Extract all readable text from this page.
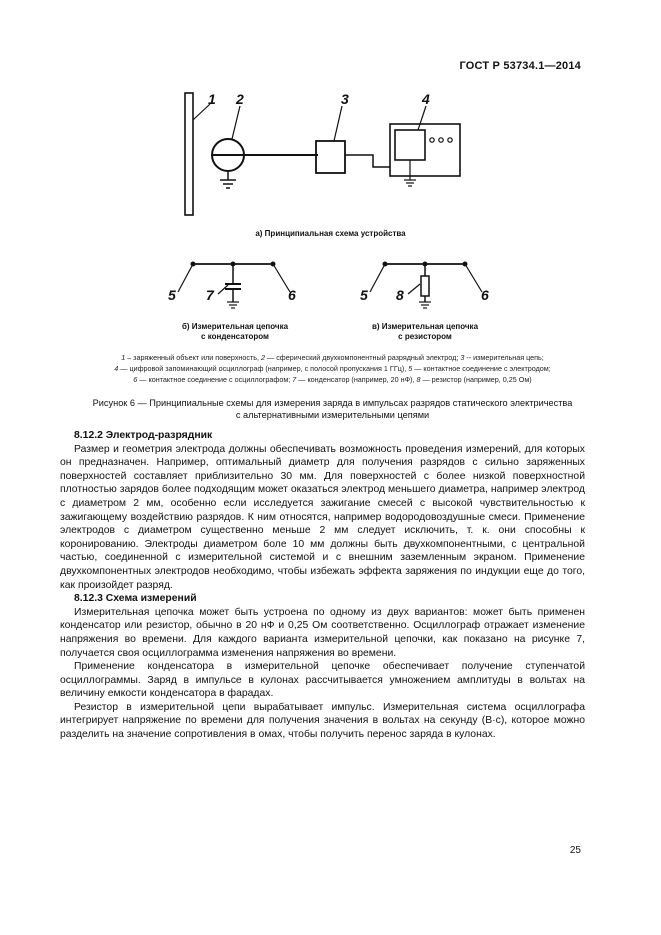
ГОСТ Р 53734.1—2014
1 2	3	4
5 7	6	5 8	6
а) Принципиальная схема устройства
б) Измерительная цепочка
с конденсатором
в) Измерительная цепочка
с резистором
1 – заряженный объект или поверхность, 2 — сферический двухкомпонентный разрядный электрод; 3 -- измерительная цепь;
4 — цифровой запоминающий осциллограф (например, с полосой пропускания 1 ГГц), 5 — контактное соединение с электродом;
6 — контактное соединение с осциллографом; 7 — конденсатор (например, 20 нФ), 8 — резистор (например, 0,25 Ом)
Рисунок 6 — Принципиальные схемы для измерения заряда в импульсах разрядов статического электричества
с альтернативными измерительными цепями
8.12.2 Электрод-разрядник

Размер и геометрия электрода должны обеспечивать возможность проведения измерений, для которых он предназначен. Например, оптимальный диаметр для получения разрядов с сильно заряженных поверхностей составляет приблизительно 30 мм. Для поверхностей с более низкой поверхностной плотностью зарядов более подходящим может оказаться электрод меньшего диаметра, например электрод с диаметром 2 мм, особенно если исследуется зажигание смесей с высокой чувствительностью к зажигающему воздействию разрядов. К ним относятся, например водородовоздушные смеси. Применение электродов с диаметром существенно меньше 2 мм следует исключить, т. к. они способны к коронированию. Электроды диаметром боле 10 мм должны быть двухкомпонентными, с центральной частью, соединенной с измерительной системой и с внешним заземленным экраном. Применение двухкомпонентных электродов необходимо, чтобы избежать эффекта заряжения по индукции еще до того, как произойдет разряд.

8.12.3 Схема измерений

Измерительная цепочка может быть устроена по одному из двух вариантов: может быть применен конденсатор или резистор, обычно в 20 нФ и 0,25 Ом соответственно. Осциллограф отражает изменение напряжения во времени. Для каждого варианта измерительной цепочки, как показано на рисунке 7, получается своя осциллограмма изменения напряжения во времени.

Применение конденсатора в измерительной цепочке обеспечивает получение ступенчатой осциллограммы. Заряд в импульсе в кулонах рассчитывается умножением амплитуды в вольтах на величину емкости конденсатора в фарадах.

Резистор в измерительной цепи вырабатывает импульс. Измерительная система осциллографа интегрирует напряжение по времени для получения значения в вольтах на секунду (В·с), которое можно разделить на значение сопротивления в омах, чтобы получить перенос заряда в кулонах.

25
